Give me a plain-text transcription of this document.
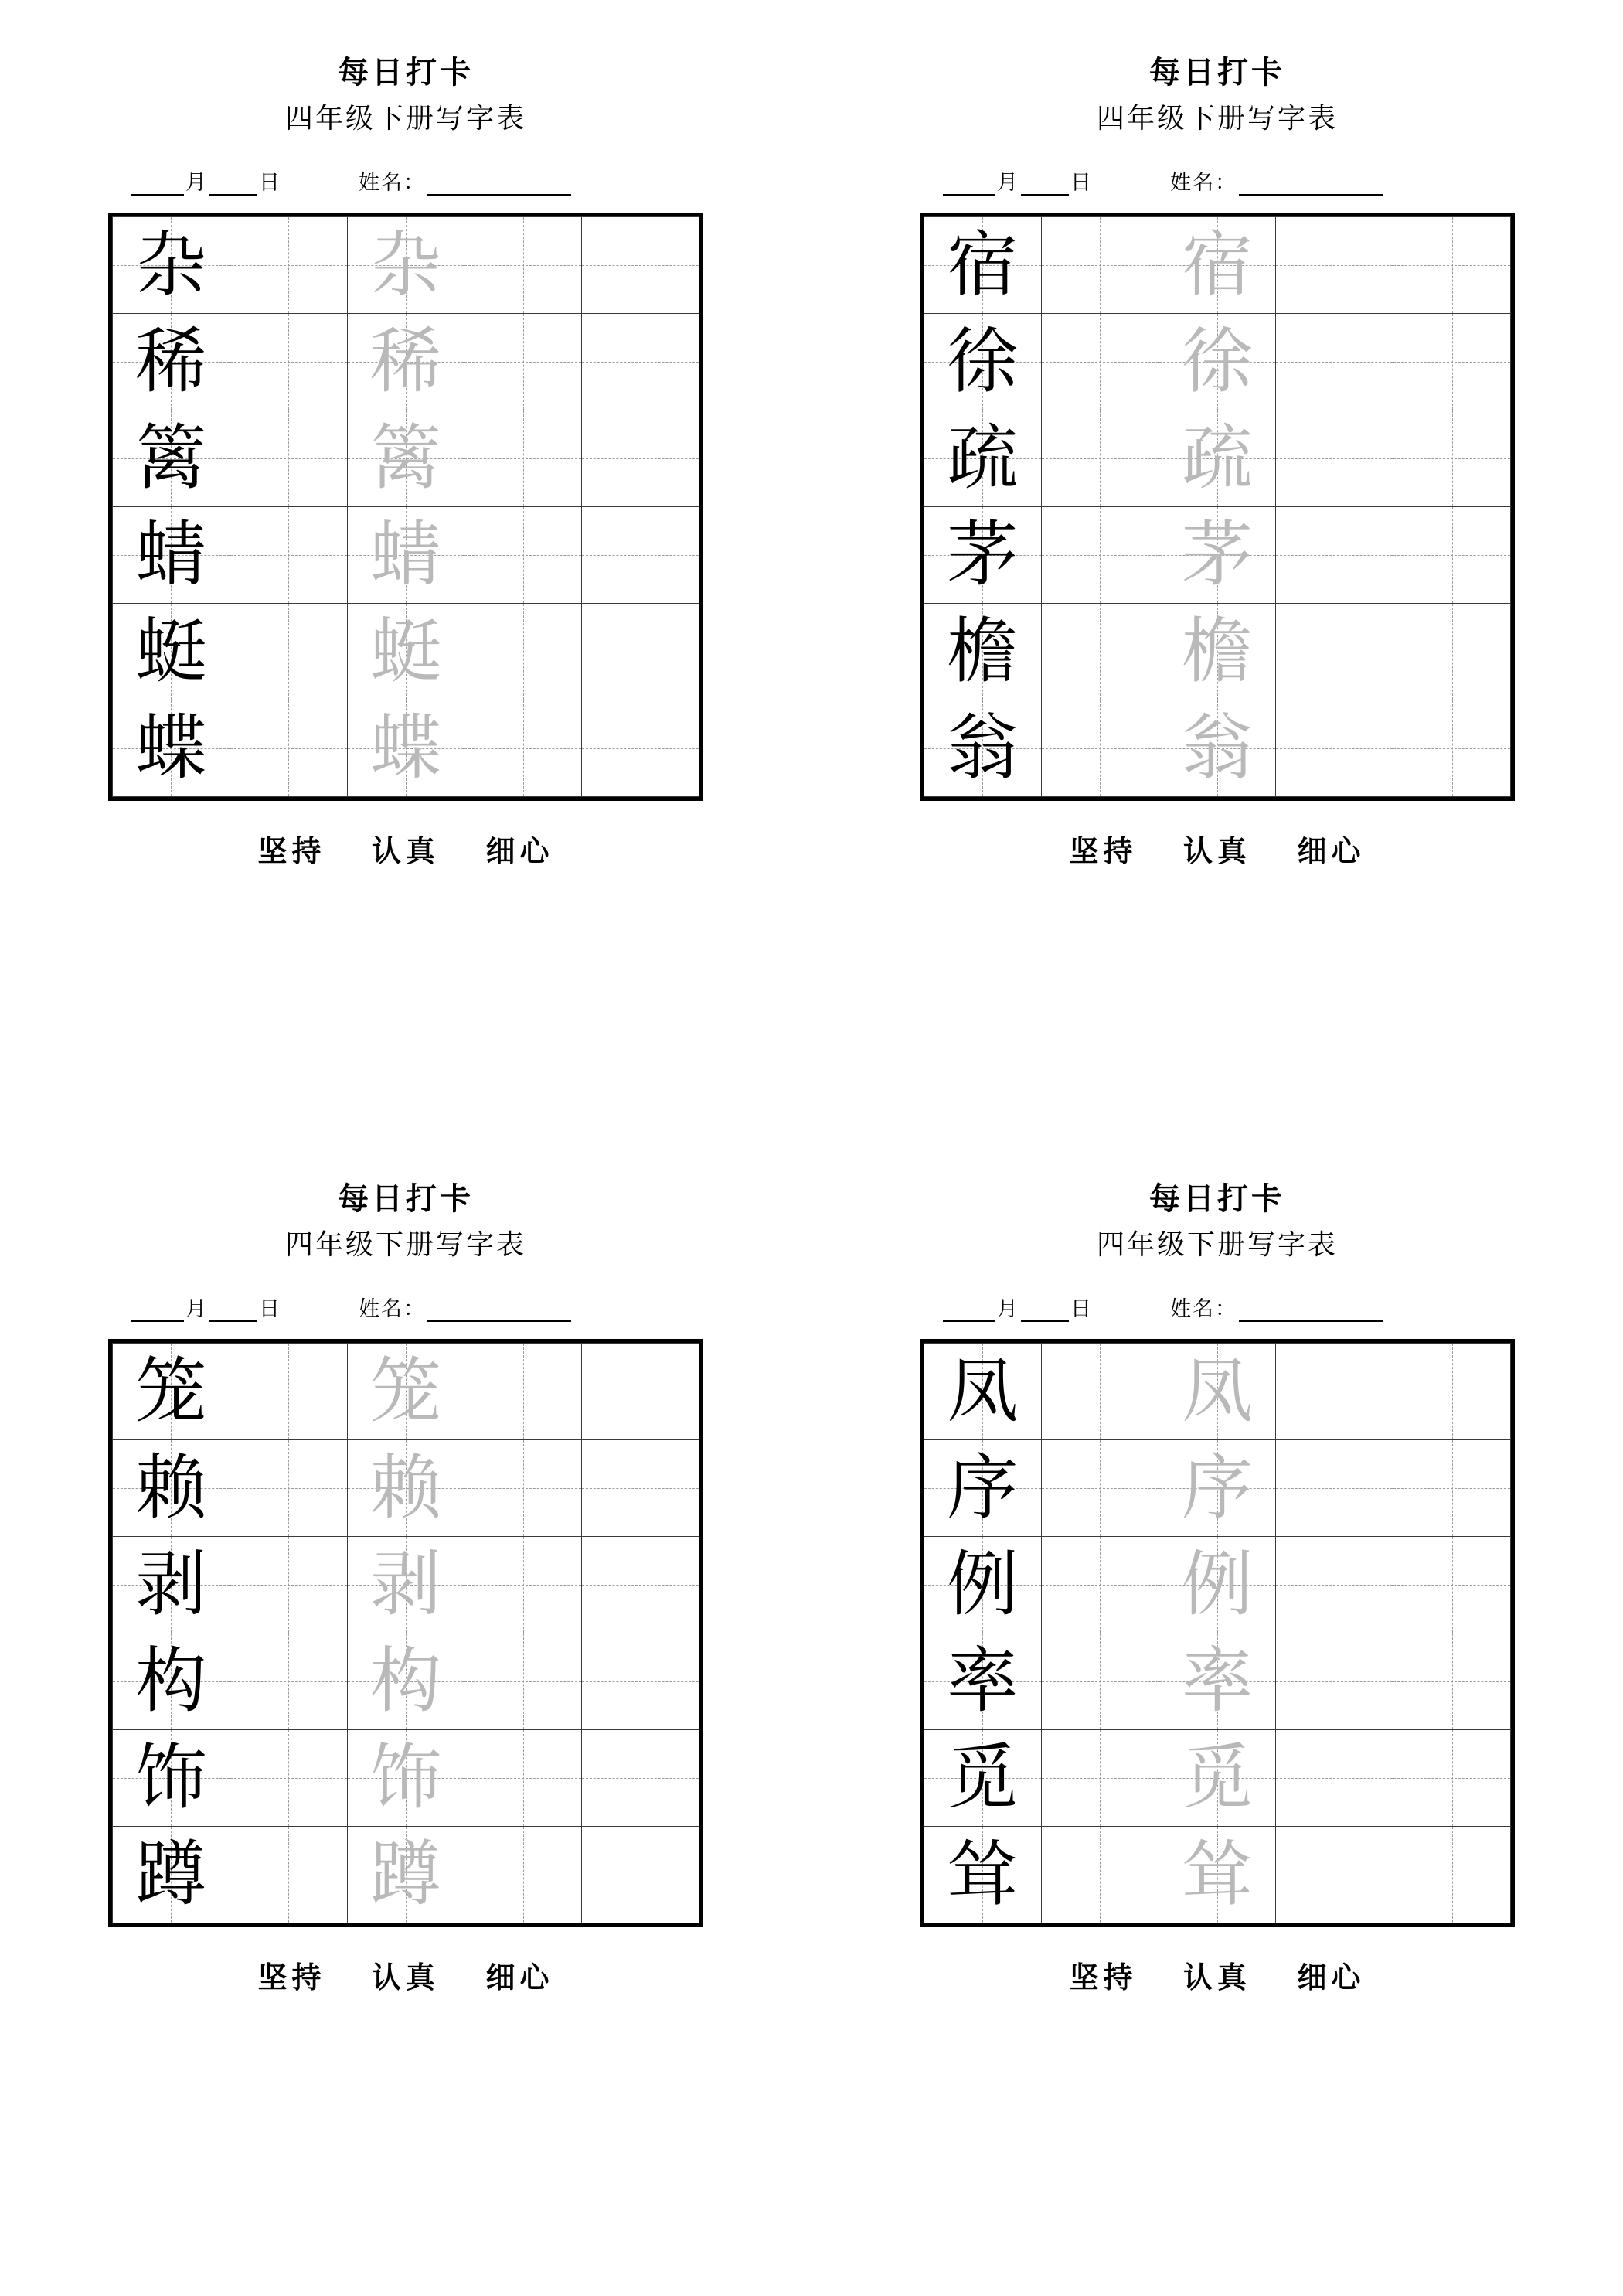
每日打卡
四年级下册写字表
月 日	姓名：
杂		杂		

稀		稀		

篱		篱		

蜻		蜻		

蜓		蜓		

蝶		蝶		

坚持 认真 细心
每日打卡
四年级下册写字表
月 日	姓名：
宿		宿		

徐		徐		

疏		疏		

茅		茅		

檐		檐		

翁		翁		

坚持 认真 细心
每日打卡
四年级下册写字表
月 日	姓名：
笼		笼		

赖		赖		

剥		剥		

构		构		

饰		饰		

蹲		蹲		

坚持 认真 细心
每日打卡
四年级下册写字表
月 日	姓名：
凤		凤		

序		序		

例		例		

率		率		

觅		觅		

耸		耸		

坚持 认真 细心
